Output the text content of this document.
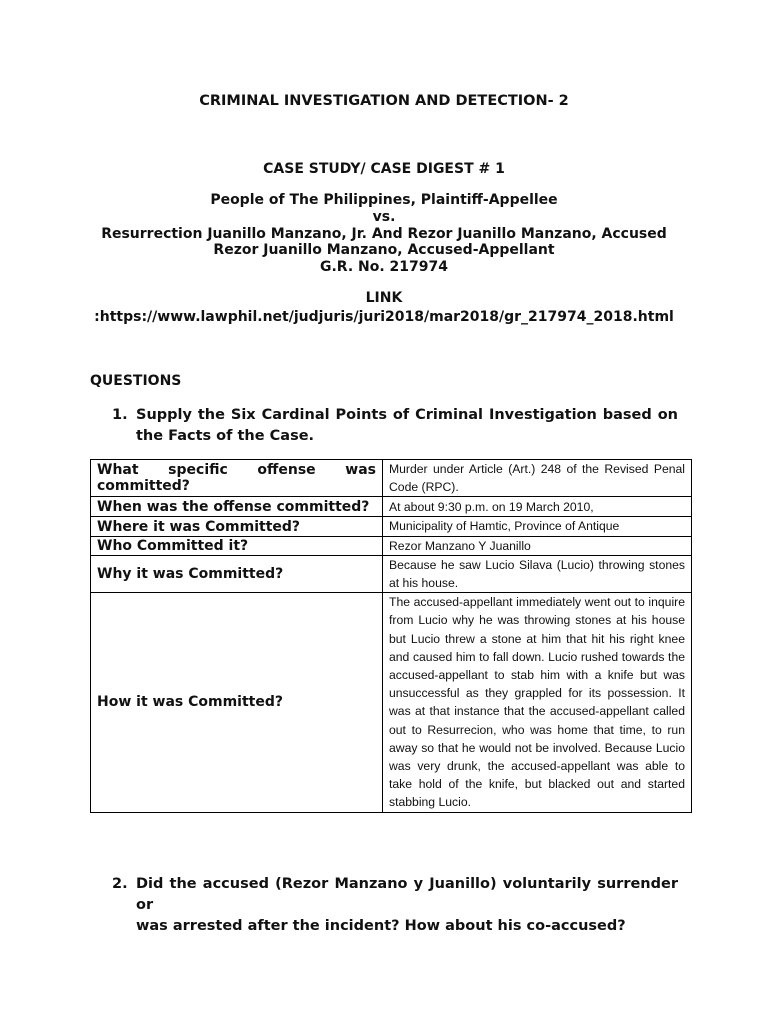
CRIMINAL INVESTIGATION AND DETECTION- 2
CASE STUDY/ CASE DIGEST # 1
People of The Philippines, Plaintiff-Appellee
vs.
Resurrection Juanillo Manzano, Jr. And Rezor Juanillo Manzano, Accused
Rezor Juanillo Manzano, Accused-Appellant
G.R. No. 217974
LINK
:https://www.lawphil.net/judjuris/juri2018/mar2018/gr_217974_2018.html
QUESTIONS
1. Supply the Six Cardinal Points of Criminal Investigation based on
the Facts of the Case.
What specific offense was
committed?	Murder under Article (Art.) 248 of the Revised Penal Code (RPC).
When was the offense committed?	At about 9:30 p.m. on 19 March 2010,
Where it was Committed?	Municipality of Hamtic, Province of Antique
Who Committed it?	Rezor Manzano Y Juanillo
Why it was Committed?	Because he saw Lucio Silava (Lucio) throwing stones at his house.
How it was Committed?	The accused-appellant immediately went out to inquire from Lucio why he was throwing stones at his house but Lucio threw a stone at him that hit his right knee and caused him to fall down. Lucio rushed towards the accused-appellant to stab him with a knife but was unsuccessful as they grappled for its possession. It was at that instance that the accused-appellant called out to Resurrecion, who was home that time, to run away so that he would not be involved. Because Lucio was very drunk, the accused-appellant was able to take hold of the knife, but blacked out and started stabbing Lucio.
2. Did the accused (Rezor Manzano y Juanillo) voluntarily surrender or
was arrested after the incident? How about his co-accused?
